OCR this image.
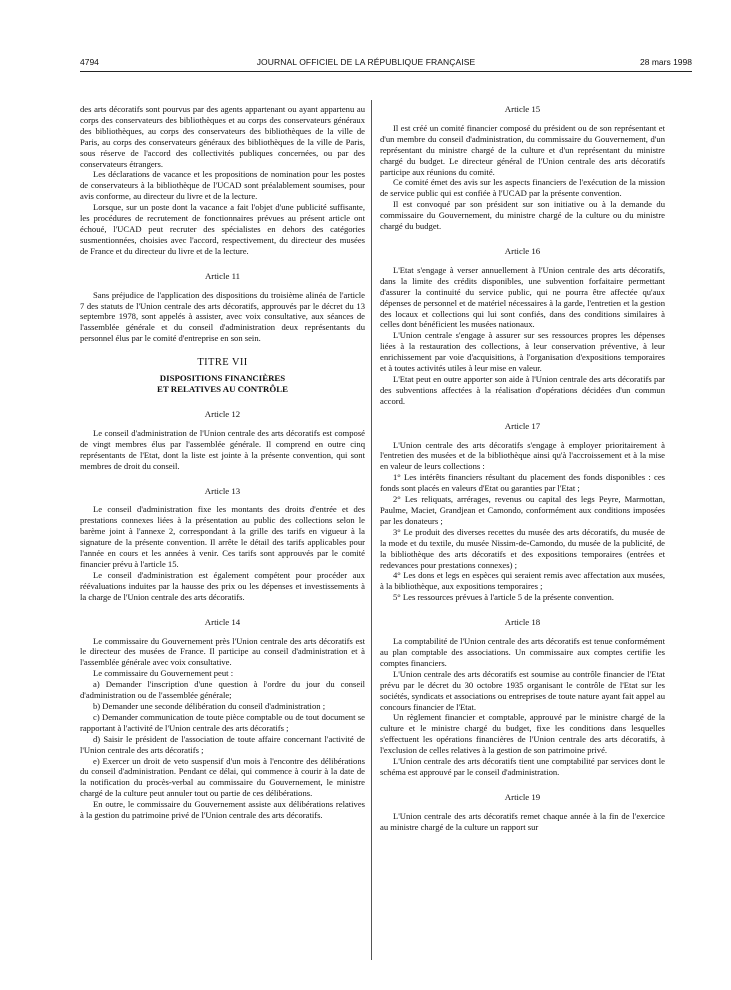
4794	JOURNAL OFFICIEL DE LA RÉPUBLIQUE FRANÇAISE	28 mars 1998

des arts décoratifs sont pourvus par des agents appartenant ou ayant appartenu au corps des conservateurs des bibliothèques et au corps des conservateurs généraux des bibliothèques, au corps des conservateurs des bibliothèques de la ville de Paris, au corps des conservateurs généraux des bibliothèques de la ville de Paris, sous réserve de l'accord des collectivités publiques concernées, ou par des conservateurs étrangers.

Les déclarations de vacance et les propositions de nomination pour les postes de conservateurs à la bibliothèque de l'UCAD sont préalablement soumises, pour avis conforme, au directeur du livre et de la lecture.

Lorsque, sur un poste dont la vacance a fait l'objet d'une publicité suffisante, les procédures de recrutement de fonctionnaires prévues au présent article ont échoué, l'UCAD peut recruter des spécialistes en dehors des catégories susmentionnées, choisies avec l'accord, respectivement, du directeur des musées de France et du directeur du livre et de la lecture.

Article 11

Sans préjudice de l'application des dispositions du troisième alinéa de l'article 7 des statuts de l'Union centrale des arts décoratifs, approuvés par le décret du 13 septembre 1978, sont appelés à assister, avec voix consultative, aux séances de l'assemblée générale et du conseil d'administration deux représentants du personnel élus par le comité d'entreprise en son sein.

TITRE VII
DISPOSITIONS FINANCIÈRES
ET RELATIVES AU CONTRÔLE
Article 12

Le conseil d'administration de l'Union centrale des arts décoratifs est composé de vingt membres élus par l'assemblée générale. Il comprend en outre cinq représentants de l'Etat, dont la liste est jointe à la présente convention, qui sont membres de droit du conseil.

Article 13

Le conseil d'administration fixe les montants des droits d'entrée et des prestations connexes liées à la présentation au public des collections selon le barème joint à l'annexe 2, correspondant à la grille des tarifs en vigueur à la signature de la présente convention. Il arrête le détail des tarifs applicables pour l'année en cours et les années à venir. Ces tarifs sont approuvés par le comité financier prévu à l'article 15.

Le conseil d'administration est également compétent pour procéder aux réévaluations induites par la hausse des prix ou les dépenses et investissements à la charge de l'Union centrale des arts décoratifs.

Article 14

Le commissaire du Gouvernement près l'Union centrale des arts décoratifs est le directeur des musées de France. Il participe au conseil d'administration et à l'assemblée générale avec voix consultative.

Le commissaire du Gouvernement peut :

a) Demander l'inscription d'une question à l'ordre du jour du conseil d'administration ou de l'assemblée générale;

b) Demander une seconde délibération du conseil d'administration ;

c) Demander communication de toute pièce comptable ou de tout document se rapportant à l'activité de l'Union centrale des arts décoratifs ;

d) Saisir le président de l'association de toute affaire concernant l'activité de l'Union centrale des arts décoratifs ;

e) Exercer un droit de veto suspensif d'un mois à l'encontre des délibérations du conseil d'administration. Pendant ce délai, qui commence à courir à la date de la notification du procès-verbal au commissaire du Gouvernement, le ministre chargé de la culture peut annuler tout ou partie de ces délibérations.

En outre, le commissaire du Gouvernement assiste aux délibérations relatives à la gestion du patrimoine privé de l'Union centrale des arts décoratifs.

Article 15

Il est créé un comité financier composé du président ou de son représentant et d'un membre du conseil d'administration, du commissaire du Gouvernement, d'un représentant du ministre chargé de la culture et d'un représentant du ministre chargé du budget. Le directeur général de l'Union centrale des arts décoratifs participe aux réunions du comité.

Ce comité émet des avis sur les aspects financiers de l'exécution de la mission de service public qui est confiée à l'UCAD par la présente convention.

Il est convoqué par son président sur son initiative ou à la demande du commissaire du Gouvernement, du ministre chargé de la culture ou du ministre chargé du budget.

Article 16

L'Etat s'engage à verser annuellement à l'Union centrale des arts décoratifs, dans la limite des crédits disponibles, une subvention forfaitaire permettant d'assurer la continuité du service public, qui ne pourra être affectée qu'aux dépenses de personnel et de matériel nécessaires à la garde, l'entretien et la gestion des locaux et collections qui lui sont confiés, dans des conditions similaires à celles dont bénéficient les musées nationaux.

L'Union centrale s'engage à assurer sur ses ressources propres les dépenses liées à la restauration des collections, à leur conservation préventive, à leur enrichissement par voie d'acquisitions, à l'organisation d'expositions temporaires et à toutes activités utiles à leur mise en valeur.

L'Etat peut en outre apporter son aide à l'Union centrale des arts décoratifs par des subventions affectées à la réalisation d'opérations décidées d'un commun accord.

Article 17

L'Union centrale des arts décoratifs s'engage à employer prioritairement à l'entretien des musées et de la bibliothèque ainsi qu'à l'accroissement et à la mise en valeur de leurs collections :

1° Les intérêts financiers résultant du placement des fonds disponibles : ces fonds sont placés en valeurs d'Etat ou garanties par l'Etat ;

2° Les reliquats, arrérages, revenus ou capital des legs Peyre, Marmottan, Paulme, Maciet, Grandjean et Camondo, conformément aux conditions imposées par les donateurs ;

3° Le produit des diverses recettes du musée des arts décoratifs, du musée de la mode et du textile, du musée Nissim-de-Camondo, du musée de la publicité, de la bibliothèque des arts décoratifs et des expositions temporaires (entrées et redevances pour prestations connexes) ;

4° Les dons et legs en espèces qui seraient remis avec affectation aux musées, à la bibliothèque, aux expositions temporaires ;

5° Les ressources prévues à l'article 5 de la présente convention.

Article 18

La comptabilité de l'Union centrale des arts décoratifs est tenue conformément au plan comptable des associations. Un commissaire aux comptes certifie les comptes financiers.

L'Union centrale des arts décoratifs est soumise au contrôle financier de l'Etat prévu par le décret du 30 octobre 1935 organisant le contrôle de l'Etat sur les sociétés, syndicats et associations ou entreprises de toute nature ayant fait appel au concours financier de l'Etat.

Un règlement financier et comptable, approuvé par le ministre chargé de la culture et le ministre chargé du budget, fixe les conditions dans lesquelles s'effectuent les opérations financières de l'Union centrale des arts décoratifs, à l'exclusion de celles relatives à la gestion de son patrimoine privé.

L'Union centrale des arts décoratifs tient une comptabilité par services dont le schéma est approuvé par le conseil d'administration.

Article 19

L'Union centrale des arts décoratifs remet chaque année à la fin de l'exercice au ministre chargé de la culture un rapport sur
